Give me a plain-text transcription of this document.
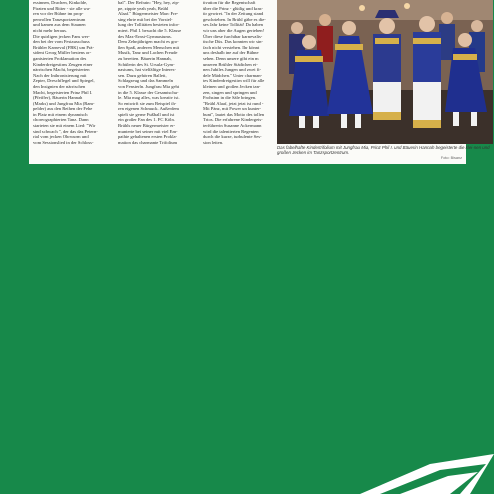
essinnen, Drachen, Kinkolde,

Piraten und Ritter - sie alle wa-

ren vor der Bühne im prop-

penvollen Tanzsportzentrum

und kamen aus dem Staunen

nicht mehr heraus.

Die quirligen jecken Fans wer-

den bei der vom Festausschuss

Brühler Karneval (FBK) um Prä-

sident Georg Müller bestens or-

ganisierten Proklamation des

Kinderdreigestirns Zeugen einer

närrischen Macht, begeisterten

Nach der Inthronisierung mit

Zepter, Dreschflegel und Spiegel,

den Insignien der närrischen

Macht, begeisterten Prinz Phil I.

(Pfeiffer), Bäuerin Hannah

(Marks) und Jungfrau Mia (Ram-

pelder) aus den Reihen der Fehe

in Platz mit einem dynamisch

choreographierten Tanz. Dann

starteten sie mit einem Lied: "Wir

sind schwach ", der das das Petern-

rial vom jecken Ohrwurm und

vom Sessionslied in der Schloss-

bal". Der Refrain: "Hey, hey, zip-

pe, zippie yeah yeah, Brühl

Alaaf." Bürgermeister Marc Fre-

sing ehrte mit bei der Vorstel-

lung der Tollitäten besteten infor-

miert. Phil I. besucht die 5. Klasse

des Max-Ernst-Gymnasiums.

Dem Zehnjährigen macht es gro-

ßen Spaß, anderen Menschen mit

Musik, Tanz und Lachen Freude

zu bereiten. Bäuerin Hannah,

Schülerin des St. Ursula-Gym-

nasiums, hat vielfältige Interes-

sen. Dazu gehören Ballett,

Schlagzeug und das Sammeln

von Fensterln. Jungfrau Mia geht

in die 5. Klasse der Gesamtschu-

le. Mia mag alles, was kreativ ist.

So entwirft sie zum Beispiel ih-

ren eigenen Schmuck. Außerdem

spielt sie gerne Fußball und ist

ein großer Fan des 1. FC Köln.

Brühls neuer Bürgermeister er-

munterte bei seiner mit viel Em-

pathie gehaltenen ersten Prokla-

mation das charmante Trifolium

tivation für die Regentschaft

über die Prinz - glütlig und kras-

tir gewiret. "In der Zeitung stand

geschrieben. In Brühl gäbe es die-

ses Jahr keine Tollität! Da haben

wir uns aber die Augen gerieben!

Über diese furchtbar karnevalis-

tische Düs. Das konnten wir sin-

fach nicht verstehen. Ihr könnt

uns deshalb ine auf der Bühne

sehen. Denn unsere gibt ein m

unseren Brühler Städtchen ei-

nen Jubiles Jungen und zwei fi-

dele Mädchen." Unter charman-

tes Kinderdreigestirn will für alle

kleinen und großen Jecken tan-

zen, singen und springen und

Frohsinn in die Säle bringen.

"Brühl Alaaf, jetzt jetzt ist rund -

Mit Pänz, mit Power un kunter-

bunt", lautet das Motto des tollen

Trios. Die erfahrene Kindergeis-

terführerin Susanne Ackermann

wird die talentierten Regenten

durch die kurze, turbulente Ses-

sion leiten.

Das fabelhafte Kindertrifolium mit Jungfrau Mia, Prinz Phil I. und Bäuerin Hannah begeisterte die klei-nen und großen Jecken im Tanzsportzentrum.
Foto: Bisanz
